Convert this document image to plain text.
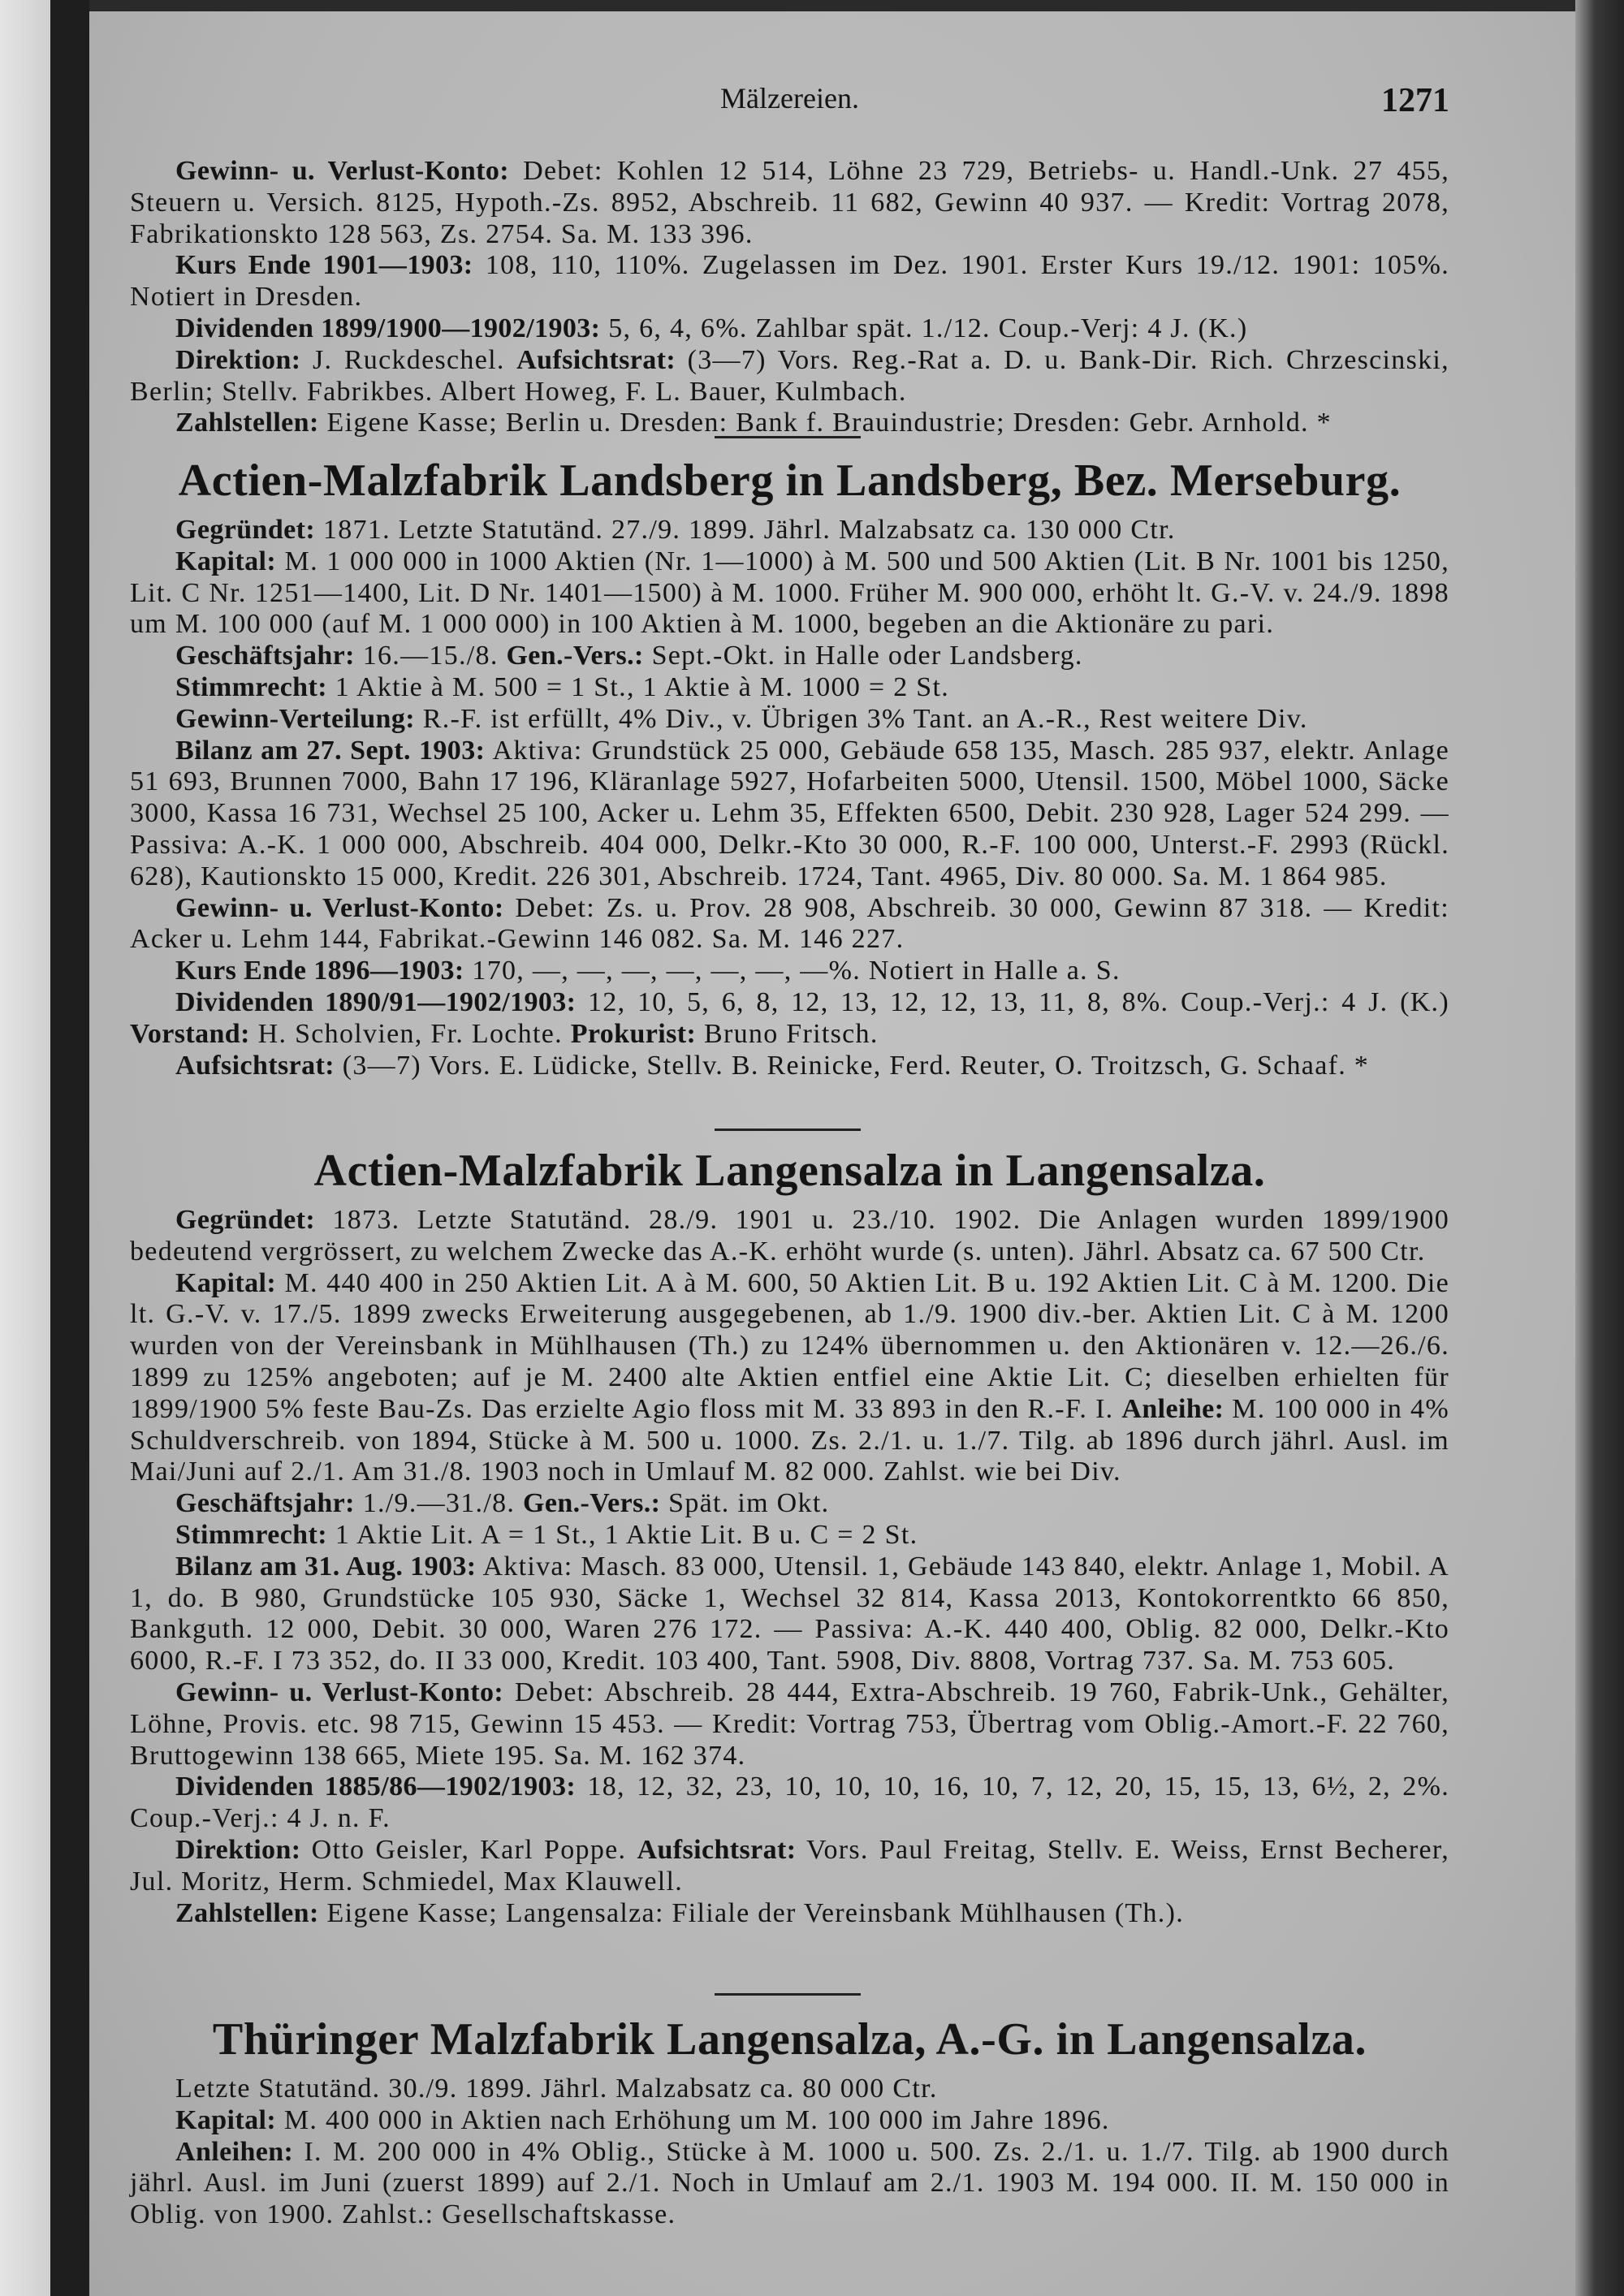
Mälzereien.	1271

Gewinn- u. Verlust-Konto: Debet: Kohlen 12 514, Löhne 23 729, Betriebs- u. Handl.-Unk. 27 455, Steuern u. Versich. 8125, Hypoth.-Zs. 8952, Abschreib. 11 682, Gewinn 40 937. — Kredit: Vortrag 2078, Fabrikationskto 128 563, Zs. 2754. Sa. M. 133 396.

Kurs Ende 1901—1903: 108, 110, 110%. Zugelassen im Dez. 1901. Erster Kurs 19./12. 1901: 105%. Notiert in Dresden.

Dividenden 1899/1900—1902/1903: 5, 6, 4, 6%. Zahlbar spät. 1./12. Coup.-Verj: 4 J. (K.)

Direktion: J. Ruckdeschel. Aufsichtsrat: (3—7) Vors. Reg.-Rat a. D. u. Bank-Dir. Rich. Chrzescinski, Berlin; Stellv. Fabrikbes. Albert Howeg, F. L. Bauer, Kulmbach.

Zahlstellen: Eigene Kasse; Berlin u. Dresden: Bank f. Brauindustrie; Dresden: Gebr. Arnhold. *

Actien-Malzfabrik Landsberg in Landsberg, Bez. Merseburg.

Gegründet: 1871. Letzte Statutänd. 27./9. 1899. Jährl. Malzabsatz ca. 130 000 Ctr.

Kapital: M. 1 000 000 in 1000 Aktien (Nr. 1—1000) à M. 500 und 500 Aktien (Lit. B Nr. 1001 bis 1250, Lit. C Nr. 1251—1400, Lit. D Nr. 1401—1500) à M. 1000. Früher M. 900 000, erhöht lt. G.-V. v. 24./9. 1898 um M. 100 000 (auf M. 1 000 000) in 100 Aktien à M. 1000, begeben an die Aktionäre zu pari.

Geschäftsjahr: 16.—15./8. Gen.-Vers.: Sept.-Okt. in Halle oder Landsberg.

Stimmrecht: 1 Aktie à M. 500 = 1 St., 1 Aktie à M. 1000 = 2 St.

Gewinn-Verteilung: R.-F. ist erfüllt, 4% Div., v. Übrigen 3% Tant. an A.-R., Rest weitere Div.

Bilanz am 27. Sept. 1903: Aktiva: Grundstück 25 000, Gebäude 658 135, Masch. 285 937, elektr. Anlage 51 693, Brunnen 7000, Bahn 17 196, Kläranlage 5927, Hofarbeiten 5000, Utensil. 1500, Möbel 1000, Säcke 3000, Kassa 16 731, Wechsel 25 100, Acker u. Lehm 35, Effekten 6500, Debit. 230 928, Lager 524 299. — Passiva: A.-K. 1 000 000, Abschreib. 404 000, Delkr.-Kto 30 000, R.-F. 100 000, Unterst.-F. 2993 (Rückl. 628), Kautionskto 15 000, Kredit. 226 301, Abschreib. 1724, Tant. 4965, Div. 80 000. Sa. M. 1 864 985.

Gewinn- u. Verlust-Konto: Debet: Zs. u. Prov. 28 908, Abschreib. 30 000, Gewinn 87 318. — Kredit: Acker u. Lehm 144, Fabrikat.-Gewinn 146 082. Sa. M. 146 227.

Kurs Ende 1896—1903: 170, —, —, —, —, —, —, —%. Notiert in Halle a. S.

Dividenden 1890/91—1902/1903: 12, 10, 5, 6, 8, 12, 13, 12, 12, 13, 11, 8, 8%. Coup.-Verj.: 4 J. (K.) Vorstand: H. Scholvien, Fr. Lochte. Prokurist: Bruno Fritsch.

Aufsichtsrat: (3—7) Vors. E. Lüdicke, Stellv. B. Reinicke, Ferd. Reuter, O. Troitzsch, G. Schaaf. *

Actien-Malzfabrik Langensalza in Langensalza.

Gegründet: 1873. Letzte Statutänd. 28./9. 1901 u. 23./10. 1902. Die Anlagen wurden 1899/1900 bedeutend vergrössert, zu welchem Zwecke das A.-K. erhöht wurde (s. unten). Jährl. Absatz ca. 67 500 Ctr.

Kapital: M. 440 400 in 250 Aktien Lit. A à M. 600, 50 Aktien Lit. B u. 192 Aktien Lit. C à M. 1200. Die lt. G.-V. v. 17./5. 1899 zwecks Erweiterung ausgegebenen, ab 1./9. 1900 div.-ber. Aktien Lit. C à M. 1200 wurden von der Vereinsbank in Mühlhausen (Th.) zu 124% übernommen u. den Aktionären v. 12.—26./6. 1899 zu 125% angeboten; auf je M. 2400 alte Aktien entfiel eine Aktie Lit. C; dieselben erhielten für 1899/1900 5% feste Bau-Zs. Das erzielte Agio floss mit M. 33 893 in den R.-F. I. Anleihe: M. 100 000 in 4% Schuldverschreib. von 1894, Stücke à M. 500 u. 1000. Zs. 2./1. u. 1./7. Tilg. ab 1896 durch jährl. Ausl. im Mai/Juni auf 2./1. Am 31./8. 1903 noch in Umlauf M. 82 000. Zahlst. wie bei Div.

Geschäftsjahr: 1./9.—31./8. Gen.-Vers.: Spät. im Okt.

Stimmrecht: 1 Aktie Lit. A = 1 St., 1 Aktie Lit. B u. C = 2 St.

Bilanz am 31. Aug. 1903: Aktiva: Masch. 83 000, Utensil. 1, Gebäude 143 840, elektr. Anlage 1, Mobil. A 1, do. B 980, Grundstücke 105 930, Säcke 1, Wechsel 32 814, Kassa 2013, Kontokorrentkto 66 850, Bankguth. 12 000, Debit. 30 000, Waren 276 172. — Passiva: A.-K. 440 400, Oblig. 82 000, Delkr.-Kto 6000, R.-F. I 73 352, do. II 33 000, Kredit. 103 400, Tant. 5908, Div. 8808, Vortrag 737. Sa. M. 753 605.

Gewinn- u. Verlust-Konto: Debet: Abschreib. 28 444, Extra-Abschreib. 19 760, Fabrik-Unk., Gehälter, Löhne, Provis. etc. 98 715, Gewinn 15 453. — Kredit: Vortrag 753, Übertrag vom Oblig.-Amort.-F. 22 760, Bruttogewinn 138 665, Miete 195. Sa. M. 162 374.

Dividenden 1885/86—1902/1903: 18, 12, 32, 23, 10, 10, 10, 16, 10, 7, 12, 20, 15, 15, 13, 6½, 2, 2%. Coup.-Verj.: 4 J. n. F.

Direktion: Otto Geisler, Karl Poppe. Aufsichtsrat: Vors. Paul Freitag, Stellv. E. Weiss, Ernst Becherer, Jul. Moritz, Herm. Schmiedel, Max Klauwell.

Zahlstellen: Eigene Kasse; Langensalza: Filiale der Vereinsbank Mühlhausen (Th.).

Thüringer Malzfabrik Langensalza, A.-G. in Langensalza.

Letzte Statutänd. 30./9. 1899. Jährl. Malzabsatz ca. 80 000 Ctr.

Kapital: M. 400 000 in Aktien nach Erhöhung um M. 100 000 im Jahre 1896.

Anleihen: I. M. 200 000 in 4% Oblig., Stücke à M. 1000 u. 500. Zs. 2./1. u. 1./7. Tilg. ab 1900 durch jährl. Ausl. im Juni (zuerst 1899) auf 2./1. Noch in Umlauf am 2./1. 1903 M. 194 000. II. M. 150 000 in Oblig. von 1900. Zahlst.: Gesellschaftskasse.
